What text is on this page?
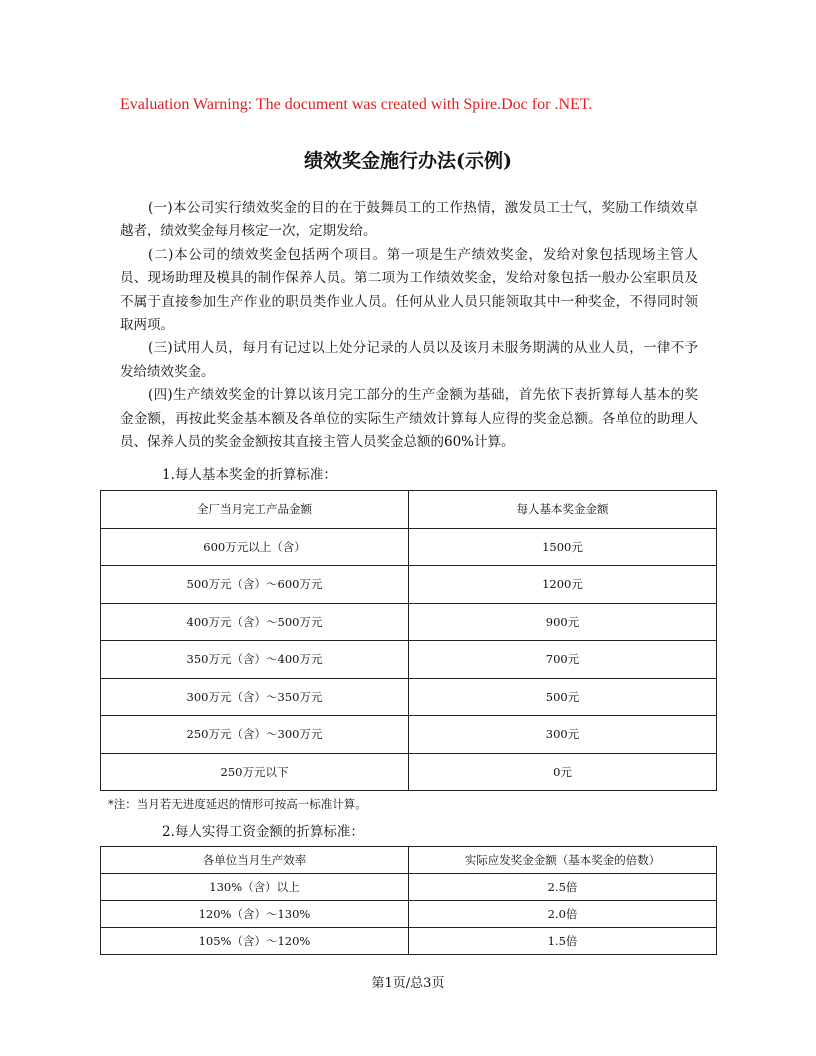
Evaluation Warning: The document was created with Spire.Doc for .NET.
绩效奖金施行办法(示例)

(一)本公司实行绩效奖金的目的在于鼓舞员工的工作热情，激发员工士气，奖励工作绩效卓越者，绩效奖金每月核定一次，定期发给。

(二)本公司的绩效奖金包括两个项目。第一项是生产绩效奖金，发给对象包括现场主管人员、现场助理及模具的制作保养人员。第二项为工作绩效奖金，发给对象包括一般办公室职员及不属于直接参加生产作业的职员类作业人员。任何从业人员只能领取其中一种奖金，不得同时领取两项。

(三)试用人员，每月有记过以上处分记录的人员以及该月未服务期满的从业人员，一律不予发给绩效奖金。

(四)生产绩效奖金的计算以该月完工部分的生产金额为基础，首先依下表折算每人基本的奖金金额，再按此奖金基本额及各单位的实际生产绩效计算每人应得的奖金总额。各单位的助理人员、保养人员的奖金金额按其直接主管人员奖金总额的60%计算。

1.每人基本奖金的折算标准：
全厂当月完工产品金额	每人基本奖金金额
600万元以上（含）	1500元
500万元（含）～600万元	1200元
400万元（含）～500万元	900元
350万元（含）～400万元	700元
300万元（含）～350万元	500元
250万元（含）～300万元	300元
250万元以下	0元
*注：当月若无进度延迟的情形可按高一标准计算。
2.每人实得工资金额的折算标准：
各单位当月生产效率	实际应发奖金金额（基本奖金的倍数）
130%（含）以上	2.5倍
120%（含）～130%	2.0倍
105%（含）～120%	1.5倍
第1页/总3页
